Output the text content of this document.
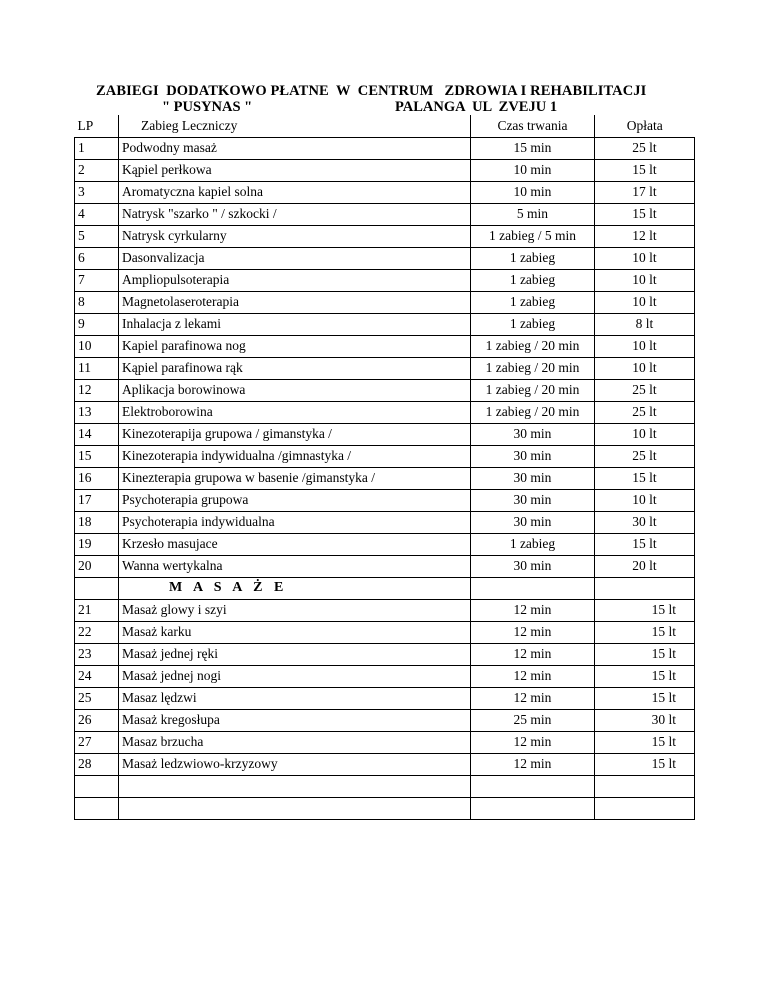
ZABIEGI  DODATKOWO PŁATNE  W  CENTRUM   ZDROWIA I REHABILITACJI
" PUSYNAS "	PALANGA  UL  ZVEJU 1
LP	Zabieg Leczniczy	Czas trwania	Opłata
1	Podwodny masaż	15 min	25 lt
2	Kąpiel perłkowa	10 min	15 lt
3	Aromatyczna kapiel solna	10 min	17 lt
4	Natrysk "szarko " / szkocki /	5 min	15 lt
5	Natrysk cyrkularny	1 zabieg / 5 min	12 lt
6	Dasonvalizacja	1 zabieg	10 lt
7	Ampliopulsoterapia	1 zabieg	10 lt
8	Magnetolaseroterapia	1 zabieg	10 lt
9	Inhalacja z lekami	1 zabieg	8 lt
10	Kapiel parafinowa nog	1 zabieg / 20 min	10 lt
11	Kąpiel parafinowa rąk	1 zabieg / 20 min	10 lt
12	Aplikacja borowinowa	1 zabieg / 20 min	25 lt
13	Elektroborowina	1 zabieg / 20 min	25 lt
14	Kinezoterapija grupowa / gimanstyka /	30 min	10 lt
15	Kinezoterapia indywidualna /gimnastyka /	30 min	25 lt
16	Kinezterapia grupowa w basenie /gimanstyka /	30 min	15 lt
17	Psychoterapia grupowa	30 min	10 lt
18	Psychoterapia indywidualna	30 min	30 lt
19	Krzesło masujace	1 zabieg	15 lt
20	Wanna wertykalna	30 min	20 lt
	M A S A Ż E		
21	Masaż glowy i szyi	12 min	15 lt
22	Masaż karku	12 min	15 lt
23	Masaż jednej ręki	12 min	15 lt
24	Masaż jednej nogi	12 min	15 lt
25	Masaz lędzwi	12 min	15 lt
26	Masaż kregosłupa	25 min	30 lt
27	Masaz brzucha	12 min	15 lt
28	Masaż ledzwiowo-krzyzowy	12 min	15 lt
